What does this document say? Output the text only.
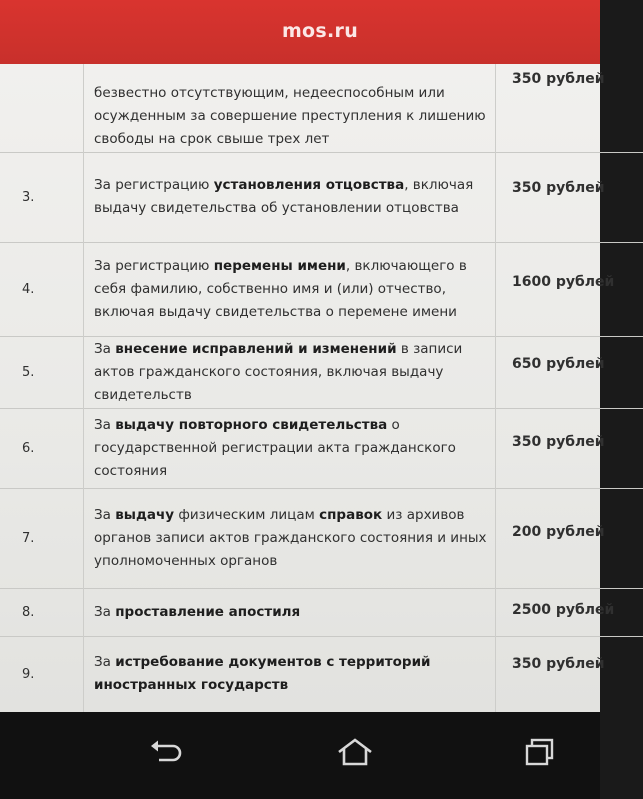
mos.ru
	безвестно отсутствующим, недееспособным или осужденным за совершение преступления к лишению свободы на срок свыше трех лет	350 рублей
3.	За регистрацию установления отцовства, включая выдачу свидетельства об установлении отцовства	350 рублей
4.	За регистрацию перемены имени, включающего в себя фамилию, собственно имя и (или) отчество, включая выдачу свидетельства о перемене имени	1600 рублей
5.	За внесение исправлений и изменений в записи актов гражданского состояния, включая выдачу свидетельств	650 рублей
6.	За выдачу повторного свидетельства о государственной регистрации акта гражданского состояния	350 рублей
7.	За выдачу физическим лицам справок из архивов органов записи актов гражданского состояния и иных уполномоченных органов	200 рублей
8.	За проставление апостиля	2500 рублей
9.	За истребование документов с территорий иностранных государств	350 рублей
